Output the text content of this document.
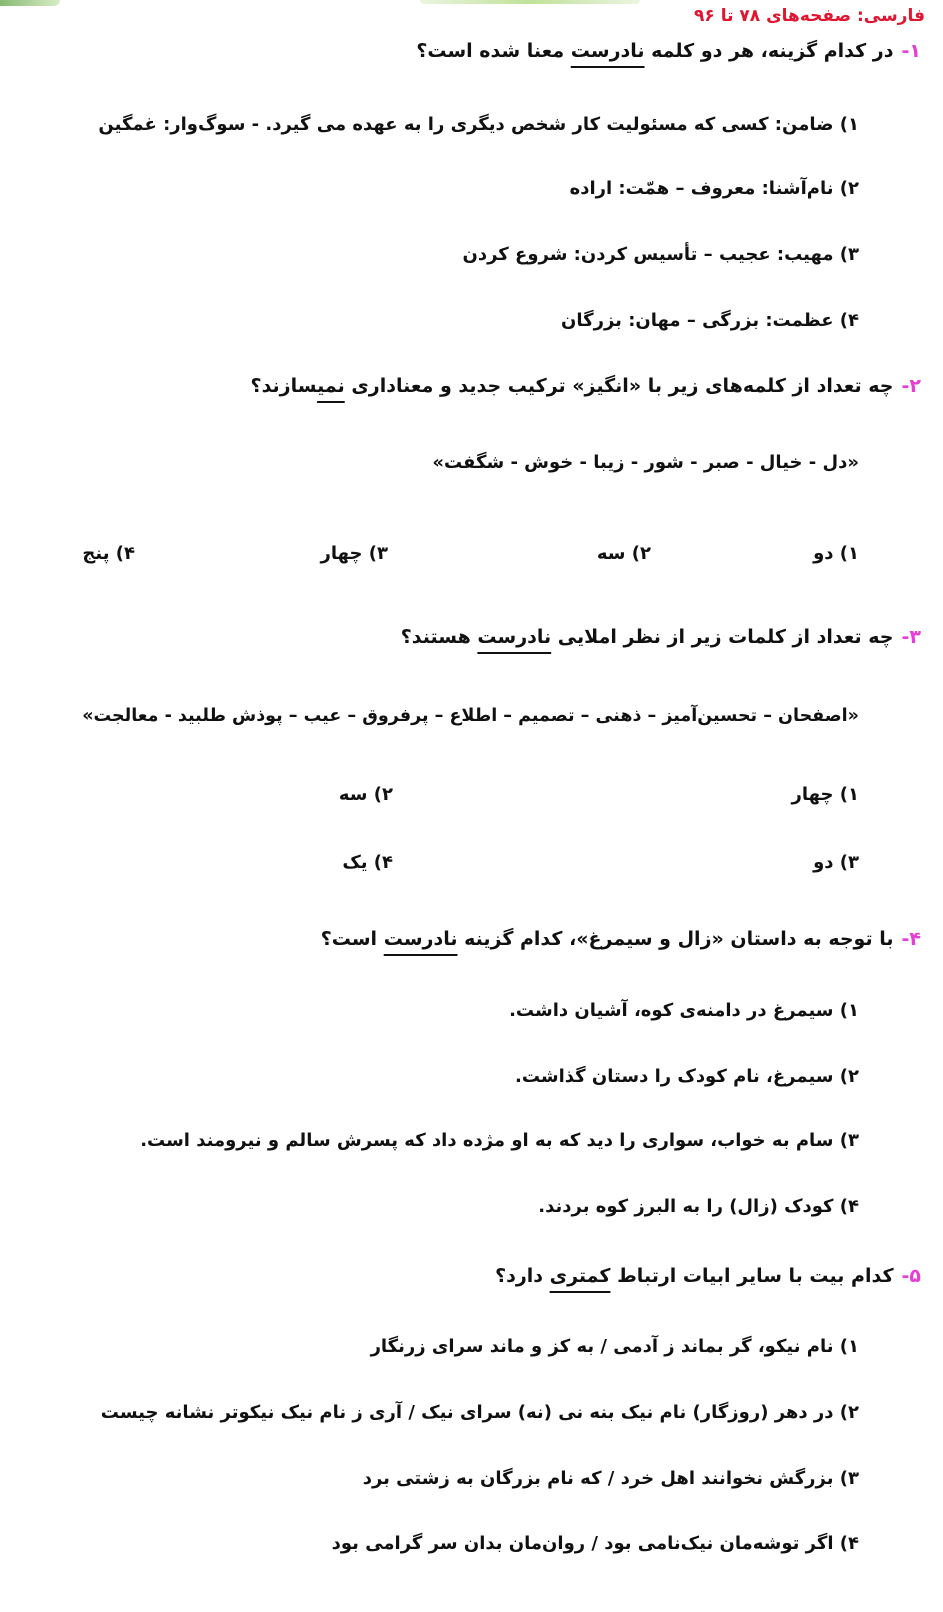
فارسی: صفحه‌های ۷۸ تا ۹۶
۱-در کدام گزینه، هر دو کلمه نادرست معنا شده است؟
۱) ضامن: کسی که مسئولیت کار شخص دیگری را به عهده می گیرد. - سوگ‌وار: غمگین
۲) نام‌آشنا: معروف – همّت: اراده
۳) مهیب: عجیب – تأسیس کردن: شروع کردن
۴) عظمت: بزرگی – مهان: بزرگان
۲-چه تعداد از کلمه‌های زیر با «انگیز» ترکیب جدید و معناداری نمیسازند؟
«دل - خیال - صبر - شور - زیبا - خوش - شگفت»
۱) دو
۲) سه
۳) چهار
۴) پنج
۳-چه تعداد از کلمات زیر از نظر املایی نادرست هستند؟
«اصفحان – تحسین‌آمیز – ذهنی – تصمیم – اطلاع – پرفروق – عیب – پوذش طلبید - معالجت»
۱) چهار
۲) سه
۳) دو
۴) یک
۴-با توجه به داستان «زال و سیمرغ»، کدام گزینه نادرست است؟
۱) سیمرغ در دامنه‌ی کوه، آشیان داشت.
۲) سیمرغ، نام کودک را دستان گذاشت.
۳) سام به خواب، سواری را دید که به او مژده داد که پسرش سالم و نیرومند است.
۴) کودک (زال) را به البرز کوه بردند.
۵-کدام بیت با سایر ابیات ارتباط کمتری دارد؟
۱) نام نیکو، گر بماند ز آدمی / به کز و ماند سرای زرنگار
۲) در دهر (روزگار) نام نیک بنه نی (نه) سرای نیک / آری ز نام نیک نیکوتر نشانه چیست
۳) بزرگش نخوانند اهل خرد / که نام بزرگان به زشتی برد
۴) اگر توشه‌مان نیک‌نامی بود / روان‌مان بدان سر گرامی بود
